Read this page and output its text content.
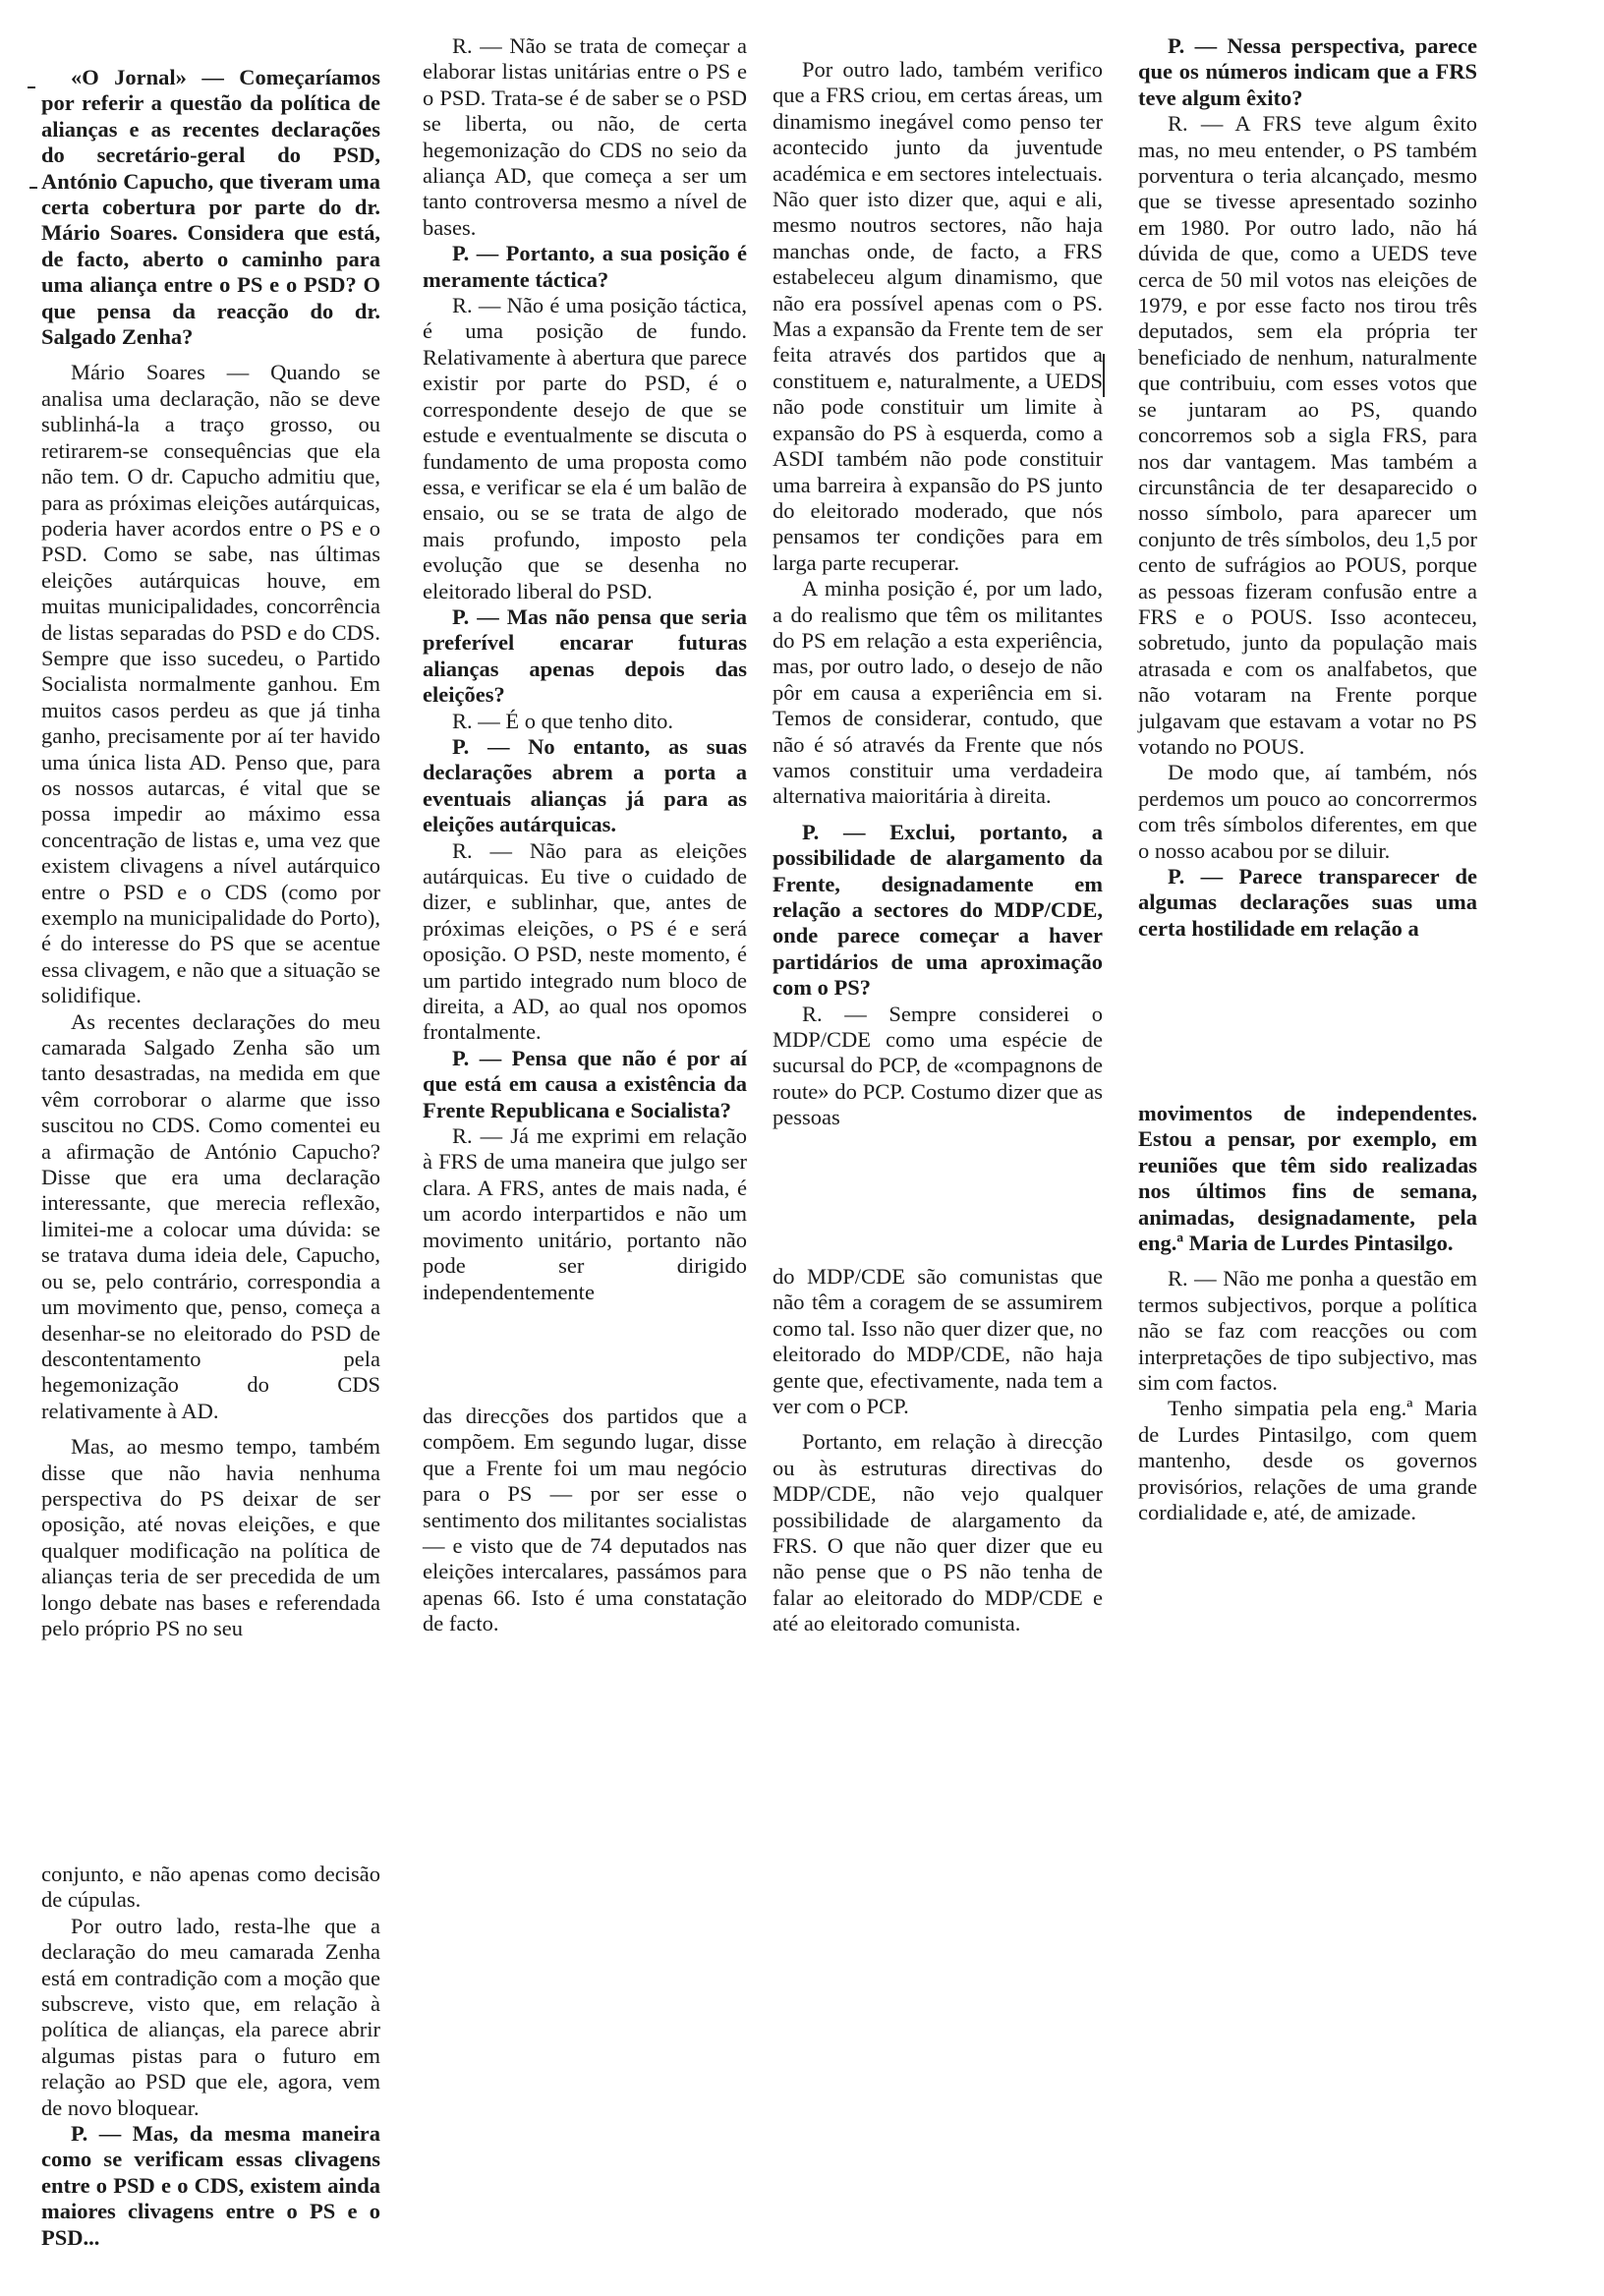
«O Jornal» — Começaríamos por referir a questão da política de alianças e as recentes declarações do secretário-geral do PSD, António Capucho, que tiveram uma certa cobertura por parte do dr. Mário Soares. Considera que está, de facto, aberto o caminho para uma aliança entre o PS e o PSD? O que pensa da reacção do dr. Salgado Zenha?

Mário Soares — Quando se analisa uma declaração, não se deve sublinhá-la a traço grosso, ou retirarem-se consequências que ela não tem. O dr. Capucho admitiu que, para as próximas eleições autárquicas, poderia haver acordos entre o PS e o PSD. Como se sabe, nas últimas eleições autárquicas houve, em muitas municipalidades, concorrência de listas separadas do PSD e do CDS. Sempre que isso sucedeu, o Partido Socialista normalmente ganhou. Em muitos casos perdeu as que já tinha ganho, precisamente por aí ter havido uma única lista AD. Penso que, para os nossos autarcas, é vital que se possa impedir ao máximo essa concentração de listas e, uma vez que existem clivagens a nível autárquico entre o PSD e o CDS (como por exemplo na municipalidade do Porto), é do interesse do PS que se acentue essa clivagem, e não que a situação se solidifique.

As recentes declarações do meu camarada Salgado Zenha são um tanto desastradas, na medida em que vêm corroborar o alarme que isso suscitou no CDS. Como comentei eu a afirmação de António Capucho? Disse que era uma declaração interessante, que merecia reflexão, limitei-me a colocar uma dúvida: se se tratava duma ideia dele, Capucho, ou se, pelo contrário, correspondia a um movimento que, penso, começa a desenhar-se no eleitorado do PSD de descontentamento pela hegemonização do CDS relativamente à AD.

Mas, ao mesmo tempo, também disse que não havia nenhuma perspectiva do PS deixar de ser oposição, até novas eleições, e que qualquer modificação na política de alianças teria de ser precedida de um longo debate nas bases e referendada pelo próprio PS no seu

conjunto, e não apenas como decisão de cúpulas.

Por outro lado, resta-lhe que a declaração do meu camarada Zenha está em contradição com a moção que subscreve, visto que, em relação à política de alianças, ela parece abrir algumas pistas para o futuro em relação ao PSD que ele, agora, vem de novo bloquear.

P. — Mas, da mesma maneira como se verificam essas clivagens entre o PSD e o CDS, existem ainda maiores clivagens entre o PS e o PSD...

R. — Não se trata de começar a elaborar listas unitárias entre o PS e o PSD. Trata-se é de saber se o PSD se liberta, ou não, de certa hegemonização do CDS no seio da aliança AD, que começa a ser um tanto controversa mesmo a nível de bases.

P. — Portanto, a sua posição é meramente táctica?

R. — Não é uma posição táctica, é uma posição de fundo. Relativamente à abertura que parece existir por parte do PSD, é o correspondente desejo de que se estude e eventualmente se discuta o fundamento de uma proposta como essa, e verificar se ela é um balão de ensaio, ou se se trata de algo de mais profundo, imposto pela evolução que se desenha no eleitorado liberal do PSD.

P. — Mas não pensa que seria preferível encarar futuras alianças apenas depois das eleições?

R. — É o que tenho dito.

P. — No entanto, as suas declarações abrem a porta a eventuais alianças já para as eleições autárquicas.

R. — Não para as eleições autárquicas. Eu tive o cuidado de dizer, e sublinhar, que, antes de próximas eleições, o PS é e será oposição. O PSD, neste momento, é um partido integrado num bloco de direita, a AD, ao qual nos opomos frontalmente.

P. — Pensa que não é por aí que está em causa a existência da Frente Republicana e Socialista?

R. — Já me exprimi em relação à FRS de uma maneira que julgo ser clara. A FRS, antes de mais nada, é um acordo interpartidos e não um movimento unitário, portanto não pode ser dirigido independentemente

das direcções dos partidos que a compõem. Em segundo lugar, disse que a Frente foi um mau negócio para o PS — por ser esse o sentimento dos militantes socialistas — e visto que de 74 deputados nas eleições intercalares, passámos para apenas 66. Isto é uma constatação de facto.

Por outro lado, também verifico que a FRS criou, em certas áreas, um dinamismo inegável como penso ter acontecido junto da juventude académica e em sectores intelectuais. Não quer isto dizer que, aqui e ali, mesmo noutros sectores, não haja manchas onde, de facto, a FRS estabeleceu algum dinamismo, que não era possível apenas com o PS. Mas a expansão da Frente tem de ser feita através dos partidos que a constituem e, naturalmente, a UEDS não pode constituir um limite à expansão do PS à esquerda, como a ASDI também não pode constituir uma barreira à expansão do PS junto do eleitorado moderado, que nós pensamos ter condições para em larga parte recuperar.

A minha posição é, por um lado, a do realismo que têm os militantes do PS em relação a esta experiência, mas, por outro lado, o desejo de não pôr em causa a experiência em si. Temos de considerar, contudo, que não é só através da Frente que nós vamos constituir uma verdadeira alternativa maioritária à direita.

P. — Exclui, portanto, a possibilidade de alargamento da Frente, designadamente em relação a sectores do MDP/CDE, onde parece começar a haver partidários de uma aproximação com o PS?

R. — Sempre considerei o MDP/CDE como uma espécie de sucursal do PCP, de «compagnons de route» do PCP. Costumo dizer que as pessoas

do MDP/CDE são comunistas que não têm a coragem de se assumirem como tal. Isso não quer dizer que, no eleitorado do MDP/CDE, não haja gente que, efectivamente, nada tem a ver com o PCP.

Portanto, em relação à direcção ou às estruturas directivas do MDP/CDE, não vejo qualquer possibilidade de alargamento da FRS. O que não quer dizer que eu não pense que o PS não tenha de falar ao eleitorado do MDP/CDE e até ao eleitorado comunista.

P. — Nessa perspectiva, parece que os números indicam que a FRS teve algum êxito?

R. — A FRS teve algum êxito mas, no meu entender, o PS também porventura o teria alcançado, mesmo que se tivesse apresentado sozinho em 1980. Por outro lado, não há dúvida de que, como a UEDS teve cerca de 50 mil votos nas eleições de 1979, e por esse facto nos tirou três deputados, sem ela própria ter beneficiado de nenhum, naturalmente que contribuiu, com esses votos que se juntaram ao PS, quando concorremos sob a sigla FRS, para nos dar vantagem. Mas também a circunstância de ter desaparecido o nosso símbolo, para aparecer um conjunto de três símbolos, deu 1,5 por cento de sufrágios ao POUS, porque as pessoas fizeram confusão entre a FRS e o POUS. Isso aconteceu, sobretudo, junto da população mais atrasada e com os analfabetos, que não votaram na Frente porque julgavam que estavam a votar no PS votando no POUS.

De modo que, aí também, nós perdemos um pouco ao concorrermos com três símbolos diferentes, em que o nosso acabou por se diluir.

P. — Parece transparecer de algumas declarações suas uma certa hostilidade em relação a

movimentos de independentes. Estou a pensar, por exemplo, em reuniões que têm sido realizadas nos últimos fins de semana, animadas, designadamente, pela eng.ª Maria de Lurdes Pintasilgo.

R. — Não me ponha a questão em termos subjectivos, porque a política não se faz com reacções ou com interpretações de tipo subjectivo, mas sim com factos.

Tenho simpatia pela eng.ª Maria de Lurdes Pintasilgo, com quem mantenho, desde os governos provisórios, relações de uma grande cordialidade e, até, de amizade.
